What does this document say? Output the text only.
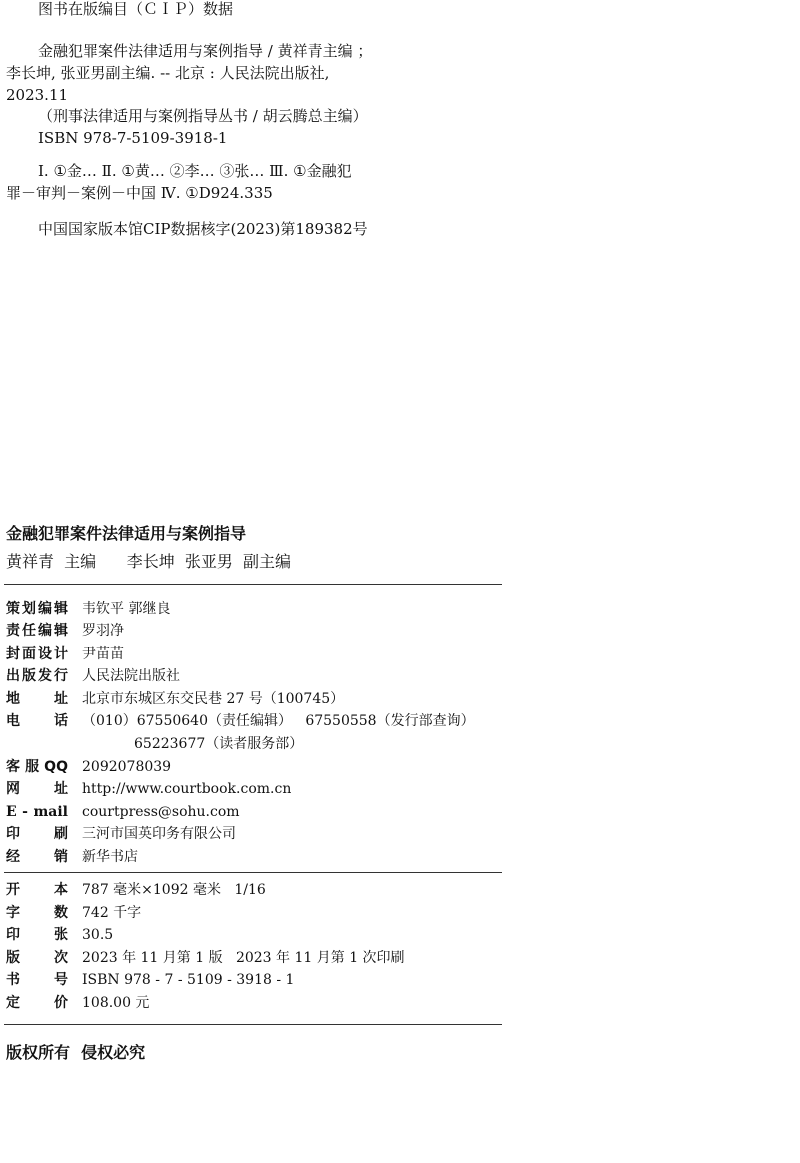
图书在版编目（ＣＩＰ）数据
金融犯罪案件法律适用与案例指导 / 黄祥青主编 ；
李长坤, 张亚男副主编. -- 北京 : 人民法院出版社,
2023.11
（刑事法律适用与案例指导丛书 / 胡云腾总主编）
ISBN 978-7-5109-3918-1
Ⅰ. ①金… Ⅱ. ①黄… ②李… ③张… Ⅲ. ①金融犯
罪－审判－案例－中国 Ⅳ. ①D924.335
中国国家版本馆CIP数据核字(2023)第189382号
金融犯罪案件法律适用与案例指导
黄祥青  主编      李长坤  张亚男  副主编
策划编辑 韦钦平 郭继良
责任编辑 罗羽净
封面设计 尹苗苗
出版发行 人民法院出版社
地址 北京市东城区东交民巷 27 号（100745）
电话 （010）67550640（责任编辑）   67550558（发行部查询）
65223677（读者服务部）
客服QQ 2092078039
网址 http://www.courtbook.com.cn
E - mail courtpress@sohu.com
印刷 三河市国英印务有限公司
经销 新华书店
开本 787 毫米×1092 毫米   1/16
字数 742 千字
印张 30.5
版次 2023 年 11 月第 1 版   2023 年 11 月第 1 次印刷
书号 ISBN 978 - 7 - 5109 - 3918 - 1
定价 108.00 元
版权所有  侵权必究
